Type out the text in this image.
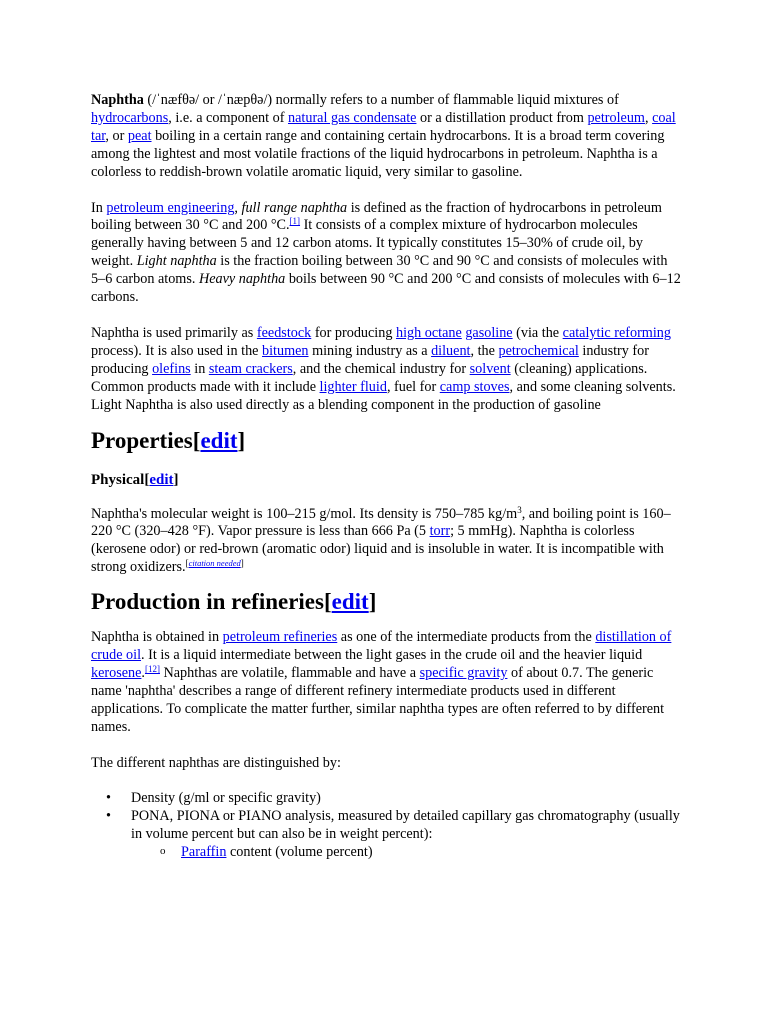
Naphtha (/ˈnæfθə/ or /ˈnæpθə/) normally refers to a number of flammable liquid mixtures of hydrocarbons, i.e. a component of natural gas condensate or a distillation product from petroleum, coal tar, or peat boiling in a certain range and containing certain hydrocarbons. It is a broad term covering among the lightest and most volatile fractions of the liquid hydrocarbons in petroleum. Naphtha is a colorless to reddish-brown volatile aromatic liquid, very similar to gasoline.

In petroleum engineering, full range naphtha is defined as the fraction of hydrocarbons in petroleum boiling between 30 °C and 200 °C.[1] It consists of a complex mixture of hydrocarbon molecules generally having between 5 and 12 carbon atoms. It typically constitutes 15–30% of crude oil, by weight. Light naphtha is the fraction boiling between 30 °C and 90 °C and consists of molecules with 5–6 carbon atoms. Heavy naphtha boils between 90 °C and 200 °C and consists of molecules with 6–12 carbons.

Naphtha is used primarily as feedstock for producing high octane gasoline (via the catalytic reforming process). It is also used in the bitumen mining industry as a diluent, the petrochemical industry for producing olefins in steam crackers, and the chemical industry for solvent (cleaning) applications. Common products made with it include lighter fluid, fuel for camp stoves, and some cleaning solvents. Light Naphtha is also used directly as a blending component in the production of gasoline

Properties[edit]
Physical[edit]

Naphtha's molecular weight is 100–215 g/mol. Its density is 750–785 $kg/m^3$, and boiling point is 160–220 °C (320–428 °F). Vapor pressure is less than 666 Pa (5 torr; 5 mmHg). Naphtha is colorless (kerosene odor) or red-brown (aromatic odor) liquid and is insoluble in water. It is incompatible with strong oxidizers.[citation needed]

Production in refineries[edit]

Naphtha is obtained in petroleum refineries as one of the intermediate products from the distillation of crude oil. It is a liquid intermediate between the light gases in the crude oil and the heavier liquid kerosene.[12] Naphthas are volatile, flammable and have a specific gravity of about 0.7. The generic name 'naphtha' describes a range of different refinery intermediate products used in different applications. To complicate the matter further, similar naphtha types are often referred to by different names.

The different naphthas are distinguished by:

• Density (g/ml or specific gravity)
• PONA, PIONA or PIANO analysis, measured by detailed capillary gas chromatography (usually in volume percent but can also be in weight percent):
o Paraffin content (volume percent)
